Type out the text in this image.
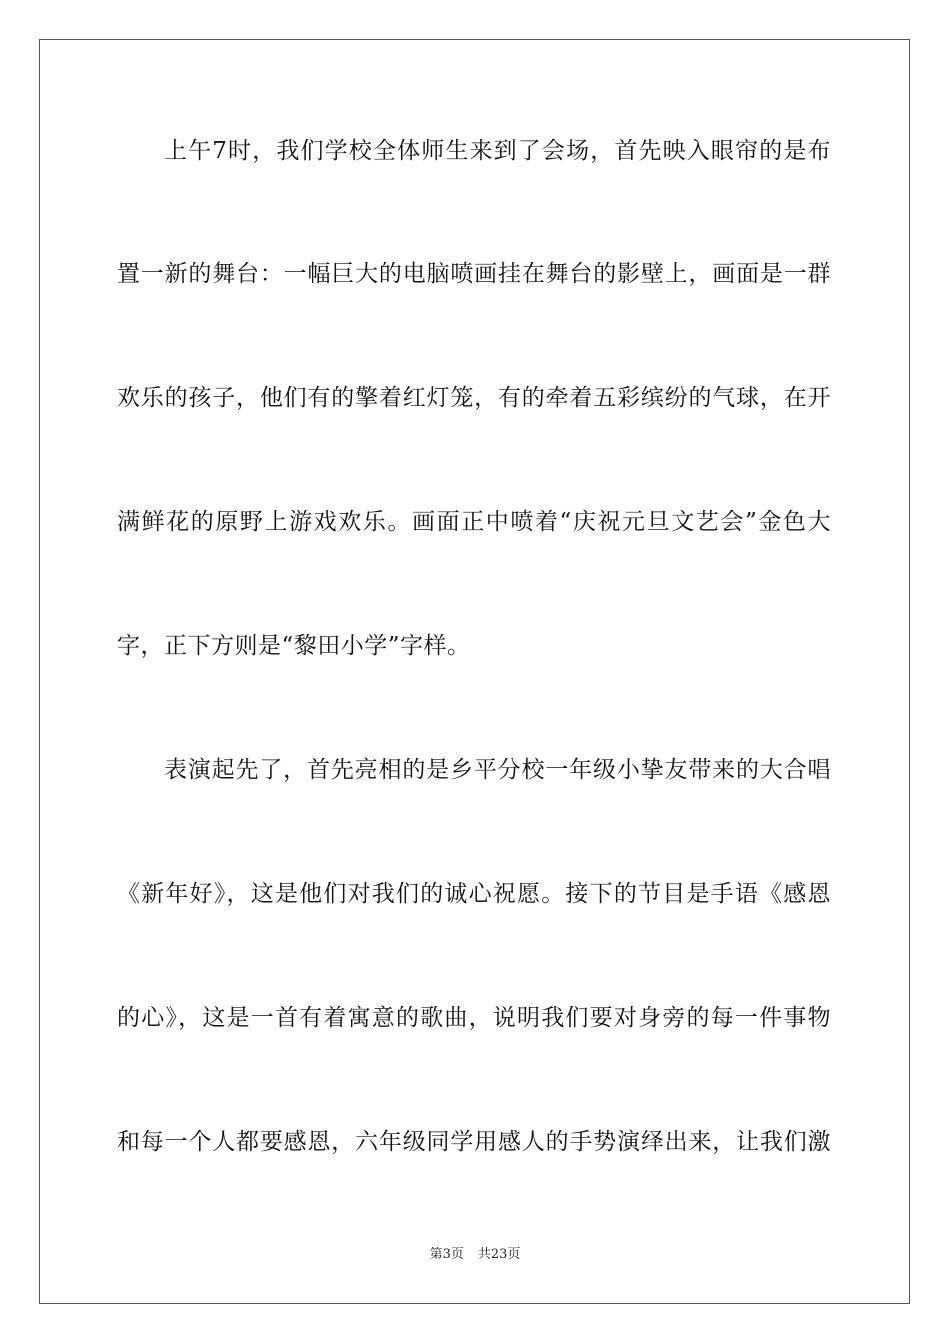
上午7时，我们学校全体师生来到了会场，首先映入眼帘的是布
置一新的舞台：一幅巨大的电脑喷画挂在舞台的影壁上，画面是一群
欢乐的孩子，他们有的擎着红灯笼，有的牵着五彩缤纷的气球，在开
满鲜花的原野上游戏欢乐。画面正中喷着“庆祝元旦文艺会”金色大
字，正下方则是“黎田小学”字样。
表演起先了，首先亮相的是乡平分校一年级小挚友带来的大合唱
《新年好》，这是他们对我们的诚心祝愿。接下的节目是手语《感恩
的心》，这是一首有着寓意的歌曲，说明我们要对身旁的每一件事物
和每一个人都要感恩，六年级同学用感人的手势演绎出来，让我们激
第3页 共23页
